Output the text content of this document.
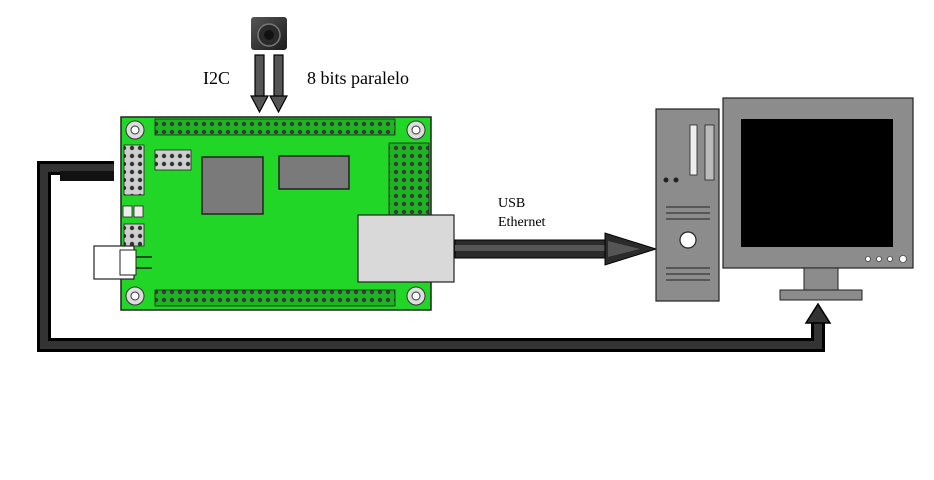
I2C	8 bits paralelo
USB
Ethernet
